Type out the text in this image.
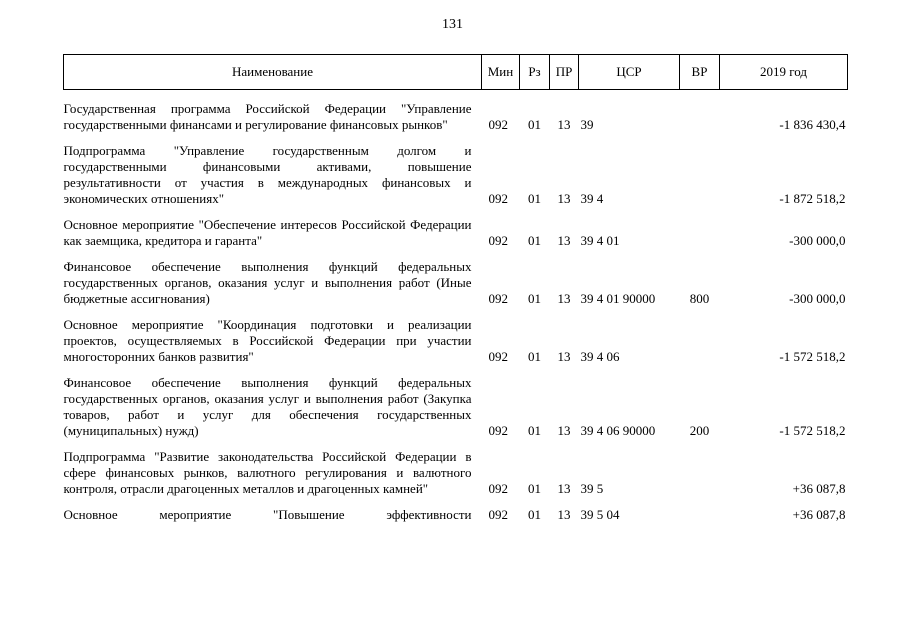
131
Наименование	Мин	Рз	ПР	ЦСР	ВР	2019 год
Государственная программа Российской Федерации "Управление государственными финансами и регулирование финансовых рынков"	092	01	13	39		-1 836 430,4
Подпрограмма "Управление государственным долгом и государственными финансовыми активами, повышение результативности от участия в международных финансовых и экономических отношениях"	092	01	13	39 4		-1 872 518,2
Основное мероприятие "Обеспечение интересов Российской Федерации как заемщика, кредитора и гаранта"	092	01	13	39 4 01		-300 000,0
Финансовое обеспечение выполнения функций федеральных государственных органов, оказания услуг и выполнения работ (Иные бюджетные ассигнования)	092	01	13	39 4 01 90000	800	-300 000,0
Основное мероприятие "Координация подготовки и реализации проектов, осуществляемых в Российской Федерации при участии многосторонних банков развития"	092	01	13	39 4 06		-1 572 518,2
Финансовое обеспечение выполнения функций федеральных государственных органов, оказания услуг и выполнения работ (Закупка товаров, работ и услуг для обеспечения государственных (муниципальных) нужд)	092	01	13	39 4 06 90000	200	-1 572 518,2
Подпрограмма "Развитие законодательства Российской Федерации в сфере финансовых рынков, валютного регулирования и валютного контроля, отрасли драгоценных металлов и драгоценных камней"	092	01	13	39 5		+36 087,8
Основное мероприятие "Повышение эффективности	092	01	13	39 5 04		+36 087,8
